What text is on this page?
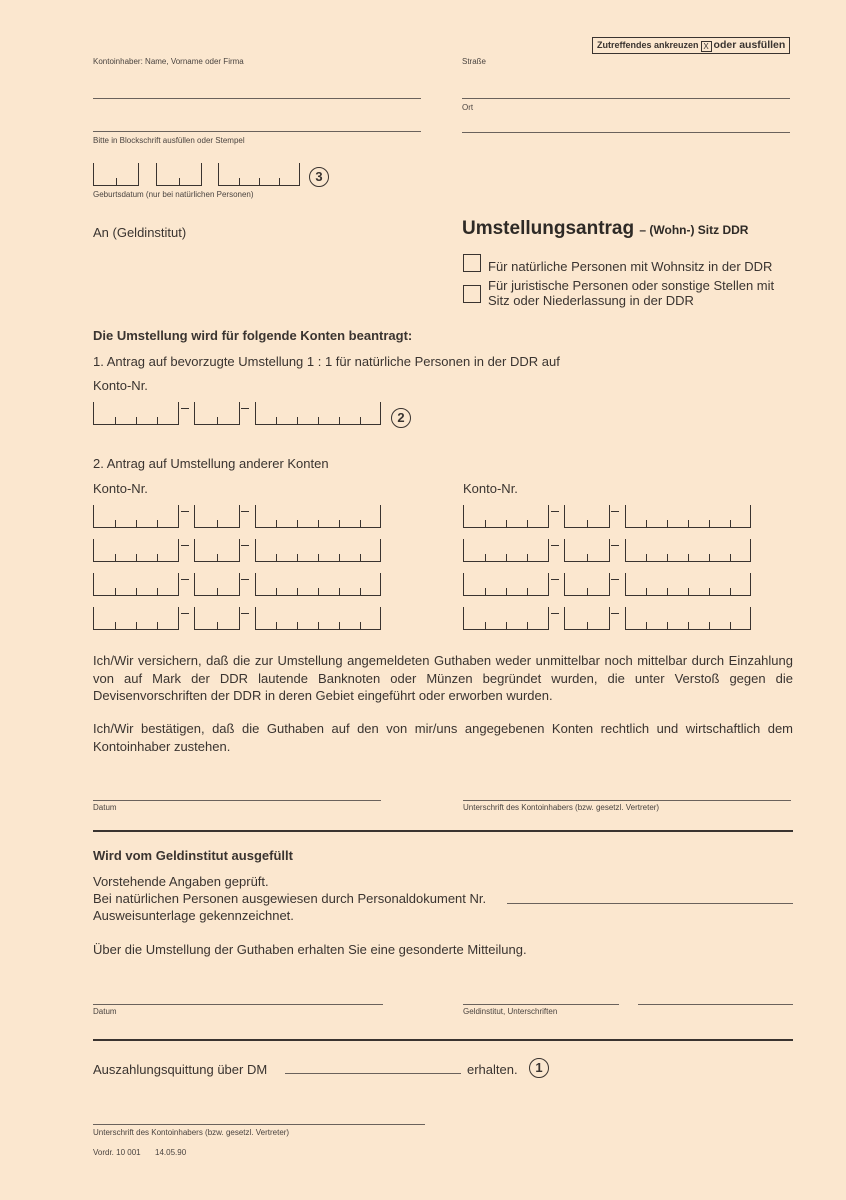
Zutreffendes ankreuzen X oder ausfüllen
Kontoinhaber: Name, Vorname oder Firma	Straße
Ort
Bitte in Blockschrift ausfüllen oder Stempel
3
Geburtsdatum (nur bei natürlichen Personen)
An (Geldinstitut)	Umstellungsantrag – (Wohn-) Sitz DDR
Für natürliche Personen mit Wohnsitz in der DDR
Für juristische Personen oder sonstige Stellen mit Sitz oder Niederlassung in der DDR
Die Umstellung wird für folgende Konten beantragt:
1. Antrag auf bevorzugte Umstellung 1 : 1 für natürliche Personen in der DDR auf
Konto-Nr.
2
2. Antrag auf Umstellung anderer Konten
Konto-Nr.	Konto-Nr.
Ich/Wir versichern, daß die zur Umstellung angemeldeten Guthaben weder unmittelbar noch mittelbar durch Einzahlung von auf Mark der DDR lautende Banknoten oder Münzen begründet wurden, die unter Verstoß gegen die Devisenvorschriften der DDR in deren Gebiet eingeführt oder erworben wurden.
Ich/Wir bestätigen, daß die Guthaben auf den von mir/uns angegebenen Konten rechtlich und wirtschaftlich dem Kontoinhaber zustehen.
Datum	Unterschrift des Kontoinhabers (bzw. gesetzl. Vertreter)
Wird vom Geldinstitut ausgefüllt
Vorstehende Angaben geprüft.
Bei natürlichen Personen ausgewiesen durch Personaldokument Nr.
Ausweisunterlage gekennzeichnet.
Über die Umstellung der Guthaben erhalten Sie eine gesonderte Mitteilung.
Datum	Geldinstitut, Unterschriften
Auszahlungsquittung über DM	erhalten.	1
Unterschrift des Kontoinhabers (bzw. gesetzl. Vertreter)
Vordr. 10 001 14.05.90
